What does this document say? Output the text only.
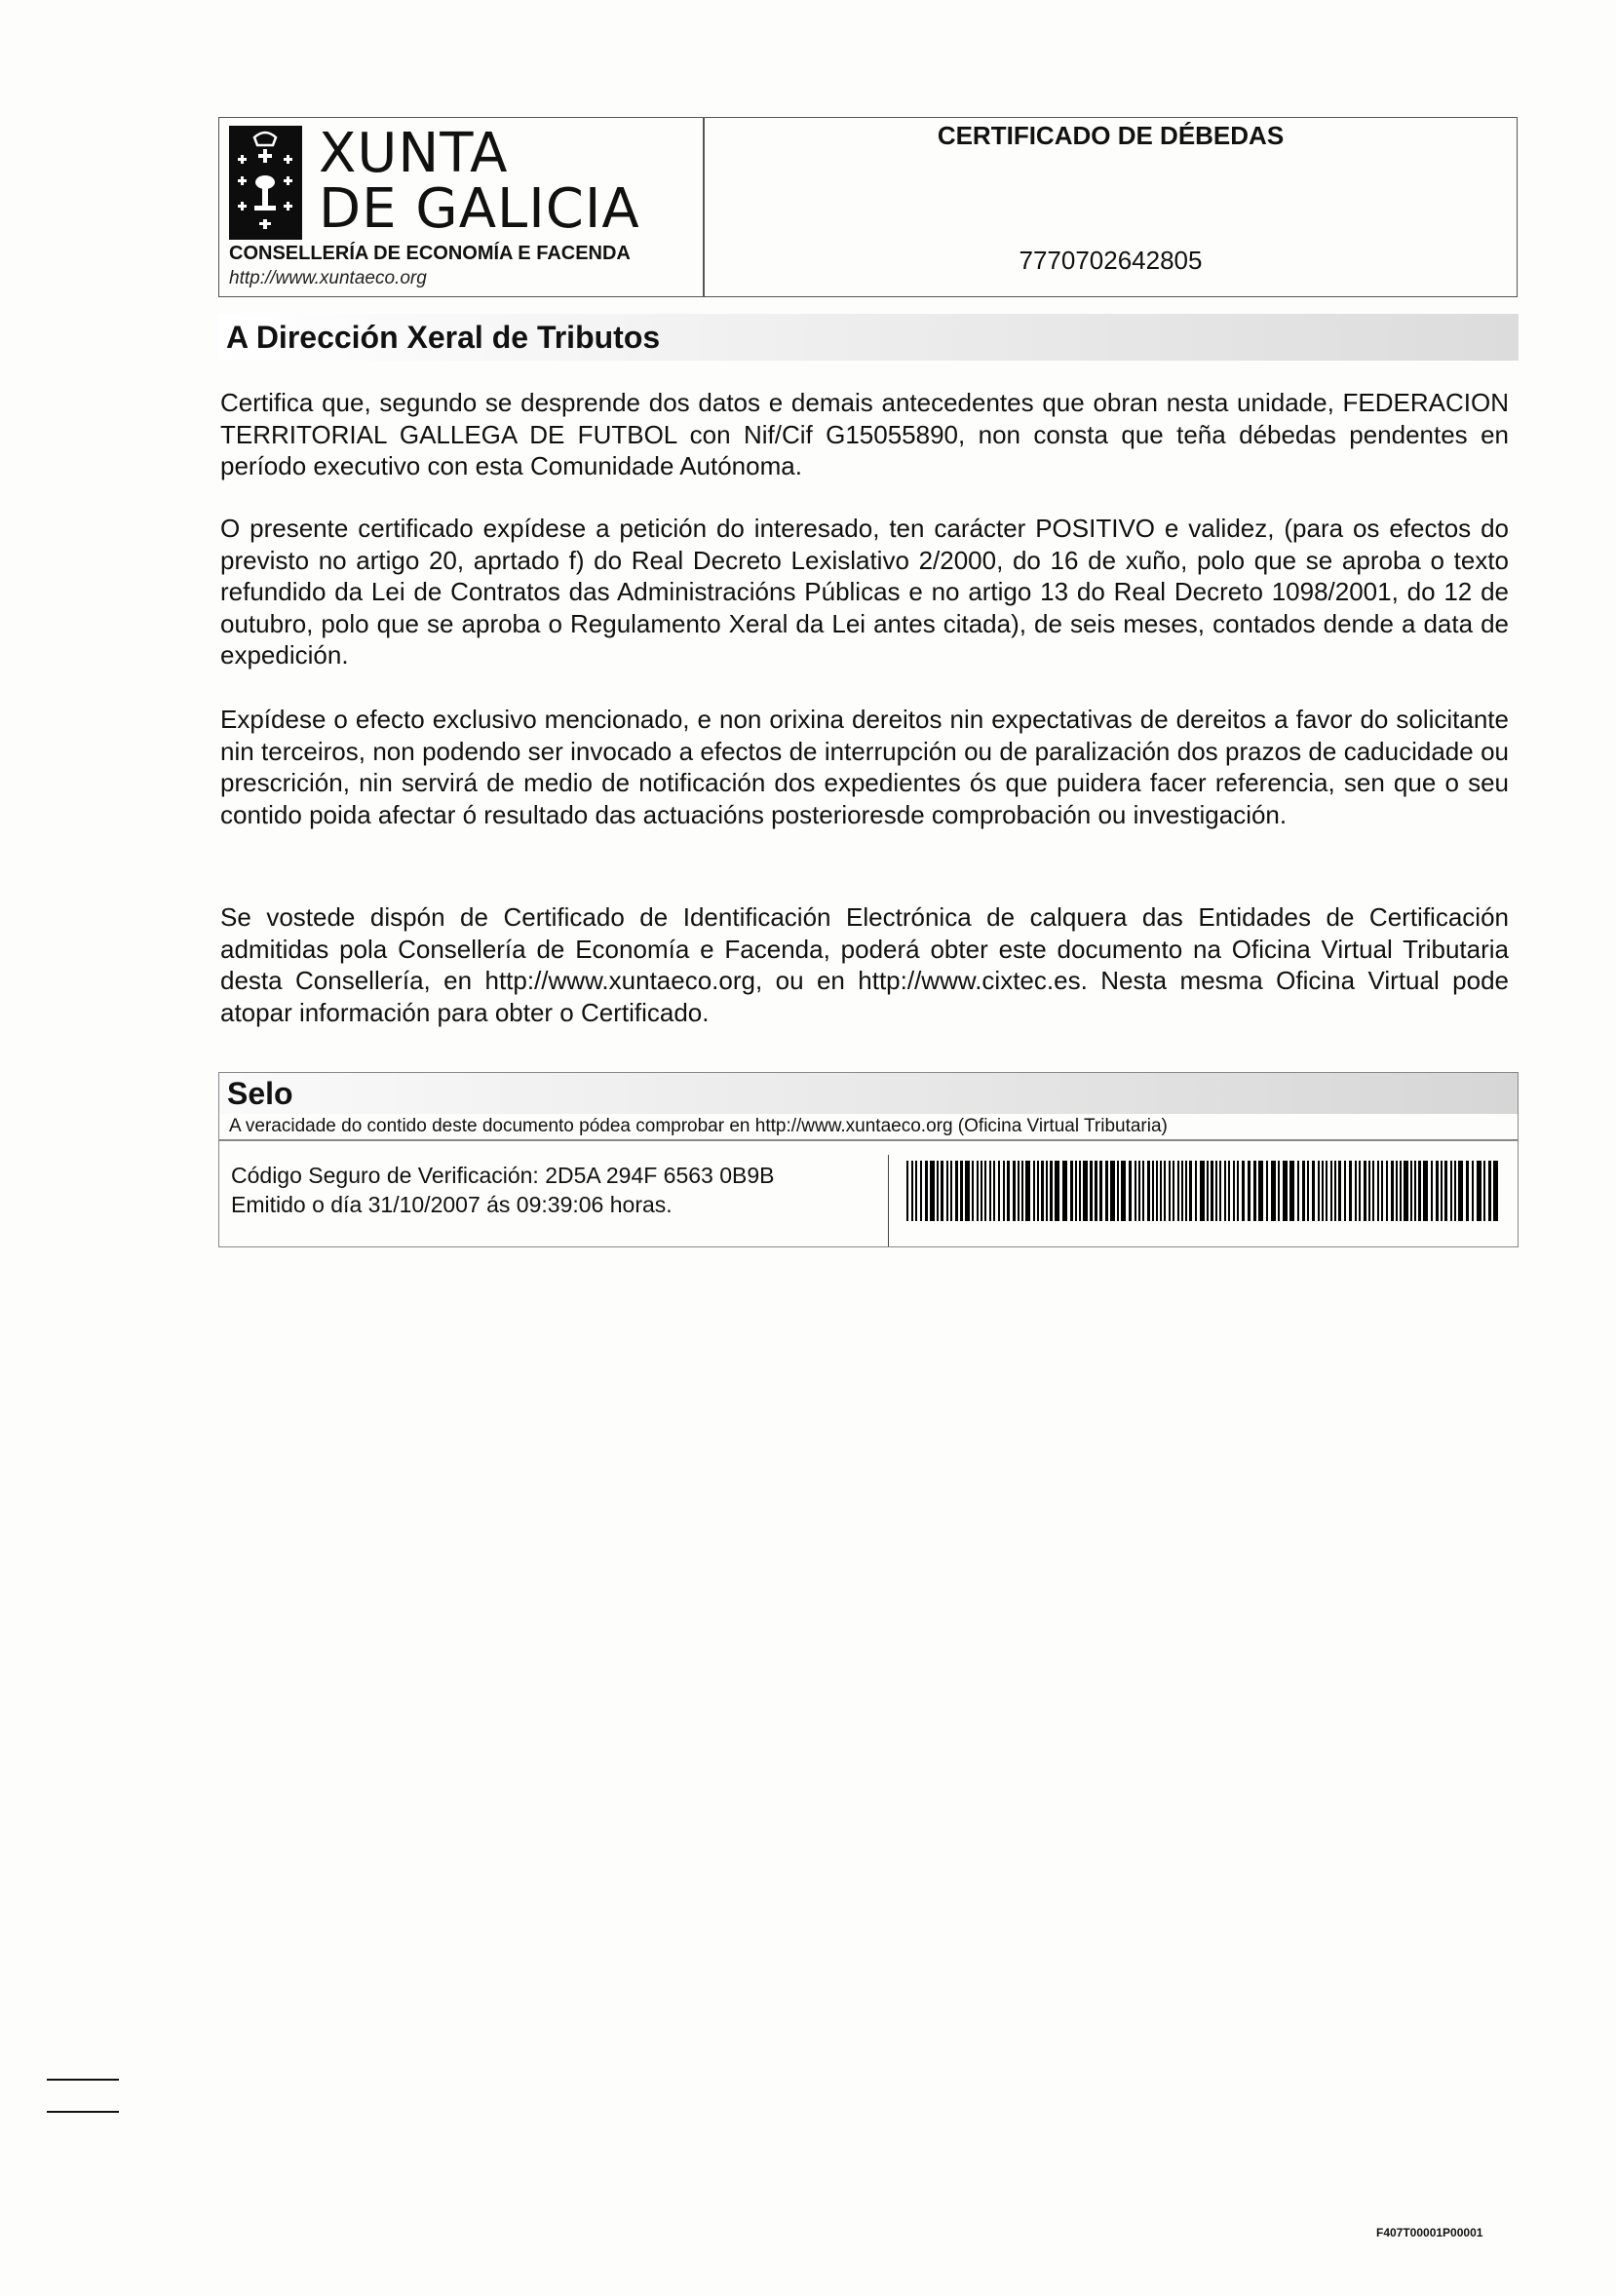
XUNTA
DE GALICIA
CONSELLERÍA DE ECONOMÍA E FACENDA
http://www.xuntaeco.org
CERTIFICADO DE DÉBEDAS
7770702642805
A Dirección Xeral de Tributos

Certifica que, segundo se desprende dos datos e demais antecedentes que obran nesta unidade, FEDERACION TERRITORIAL GALLEGA DE FUTBOL con Nif/Cif G15055890, non consta que teña débedas pendentes en período executivo con esta Comunidade Autónoma.

O presente certificado expídese a petición do interesado, ten carácter POSITIVO e validez, (para os efectos do previsto no artigo 20, aprtado f) do Real Decreto Lexislativo 2/2000, do 16 de xuño, polo que se aproba o texto refundido da Lei de Contratos das Administracións Públicas e no artigo 13 do Real Decreto 1098/2001, do 12 de outubro, polo que se aproba o Regulamento Xeral da Lei antes citada), de seis meses, contados dende a data de expedición.

Expídese o efecto exclusivo mencionado, e non orixina dereitos nin expectativas de dereitos a favor do solicitante nin terceiros, non podendo ser invocado a efectos de interrupción ou de paralización dos prazos de caducidade ou prescrición, nin servirá de medio de notificación dos expedientes ós que puidera facer referencia, sen que o seu contido poida afectar ó resultado das actuacións posterioresde comprobación ou investigación.

Se vostede dispón de Certificado de Identificación Electrónica de calquera das Entidades de Certificación admitidas pola Consellería de Economía e Facenda, poderá obter este documento na Oficina Virtual Tributaria desta Consellería, en http://www.xuntaeco.org, ou en http://www.cixtec.es. Nesta mesma Oficina Virtual pode atopar información para obter o Certificado.

Selo
A veracidade do contido deste documento pódea comprobar en http://www.xuntaeco.org (Oficina Virtual Tributaria)
Código Seguro de Verificación: 2D5A 294F 6563 0B9B
Emitido o día 31/10/2007 ás 09:39:06 horas.
F407T00001P00001
